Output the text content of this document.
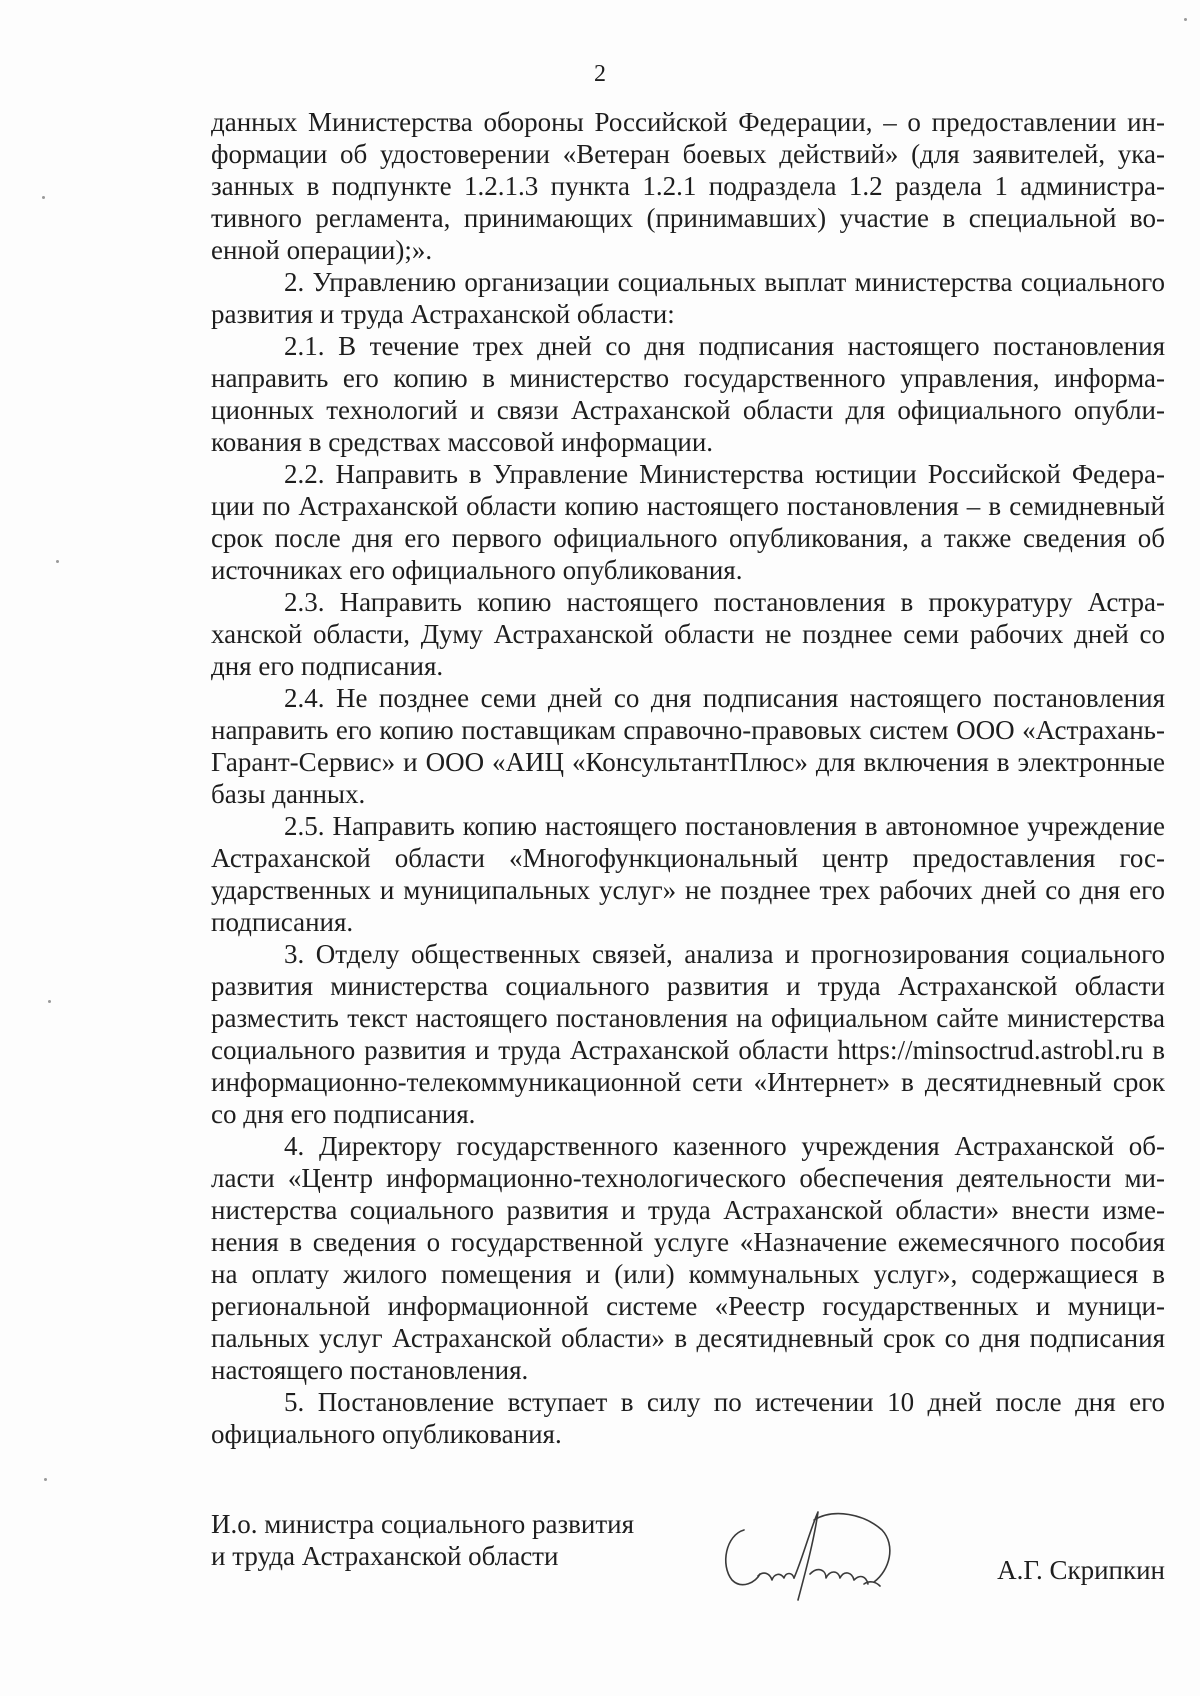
2

данных Министерства обороны Российской Федерации, – о предоставлении информации об удостоверении «Ветеран боевых действий» (для заявителей, указанных в подпункте 1.2.1.3 пункта 1.2.1 подраздела 1.2 раздела 1 административного регламента, принимающих (принимавших) участие в специальной военной операции);».

2. Управлению организации социальных выплат министерства социального развития и труда Астраханской области:

2.1. В течение трех дней со дня подписания настоящего постановления направить его копию в министерство государственного управления, информационных технологий и связи Астраханской области для официального опубликования в средствах массовой информации.

2.2. Направить в Управление Министерства юстиции Российской Федерации по Астраханской области копию настоящего постановления – в семидневный срок после дня его первого официального опубликования, а также сведения об источниках его официального опубликования.

2.3. Направить копию настоящего постановления в прокуратуру Астраханской области, Думу Астраханской области не позднее семи рабочих дней со дня его подписания.

2.4. Не позднее семи дней со дня подписания настоящего постановления направить его копию поставщикам справочно-правовых систем ООО «Астрахань-Гарант-Сервис» и ООО «АИЦ «КонсультантПлюс» для включения в электронные базы данных.

2.5. Направить копию настоящего постановления в автономное учреждение Астраханской области «Многофункциональный центр предоставления государственных и муниципальных услуг» не позднее трех рабочих дней со дня его подписания.

3. Отделу общественных связей, анализа и прогнозирования социального развития министерства социального развития и труда Астраханской области разместить текст настоящего постановления на официальном сайте министерства социального развития и труда Астраханской области https://minsoctrud.astrobl.ru в информационно-телекоммуникационной сети «Интернет» в десятидневный срок со дня его подписания.

4. Директору государственного казенного учреждения Астраханской области «Центр информационно-технологического обеспечения деятельности министерства социального развития и труда Астраханской области» внести изменения в сведения о государственной услуге «Назначение ежемесячного пособия на оплату жилого помещения и (или) коммунальных услуг», содержащиеся в региональной информационной системе «Реестр государственных и муниципальных услуг Астраханской области» в десятидневный срок со дня подписания настоящего постановления.

5. Постановление вступает в силу по истечении 10 дней после дня его официального опубликования.

И.о. министра социального развития
и труда Астраханской области	А.Г. Скрипкин
